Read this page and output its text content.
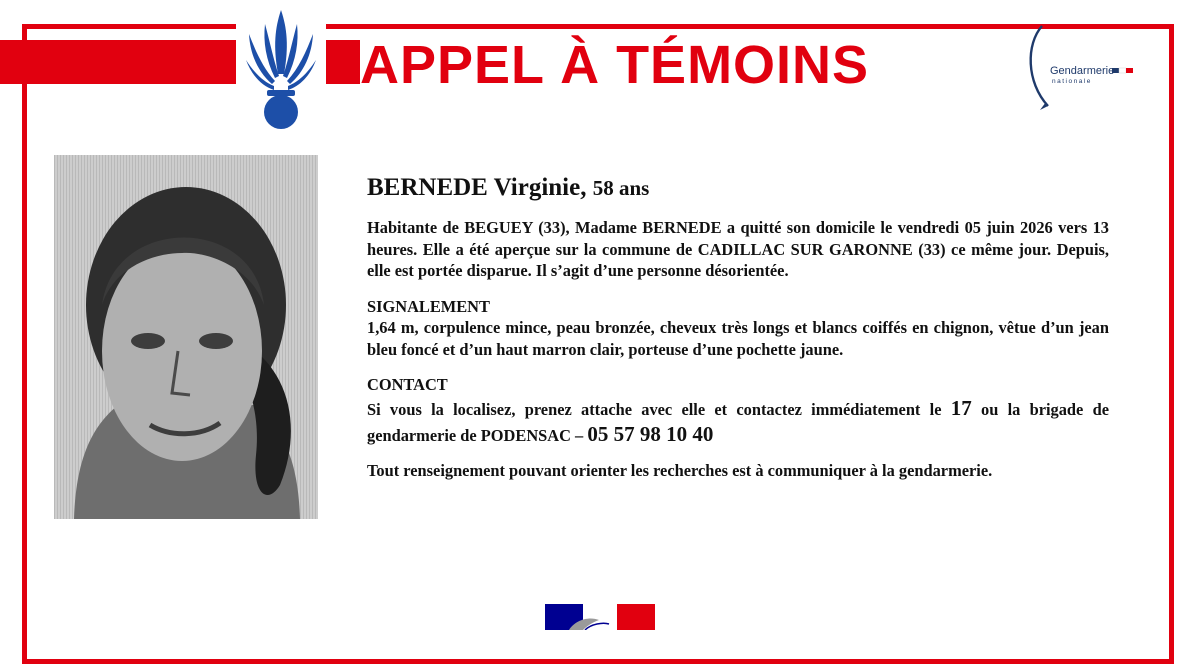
APPEL À TÉMOINS	Gendarmerie
nationale

BERNEDE Virginie, 58 ans

Habitante de BEGUEY (33), Madame BERNEDE a quitté son domicile le vendredi 05 juin 2026 vers 13 heures. Elle a été aperçue sur la commune de CADILLAC SUR GARONNE (33) ce même jour. Depuis, elle est portée disparue. Il s’agit d’une personne désorientée.

SIGNALEMENT

1,64 m, corpulence mince, peau bronzée, cheveux très longs et blancs coiffés en chignon, vêtue d’un jean bleu foncé et d’un haut marron clair, porteuse d’une pochette jaune.

CONTACT

Si vous la localisez, prenez attache avec elle et contactez immédiatement le 17 ou la brigade de gendarmerie de PODENSAC – 05 57 98 10 40

Tout renseignement pouvant orienter les recherches est à communiquer à la gendarmerie.
